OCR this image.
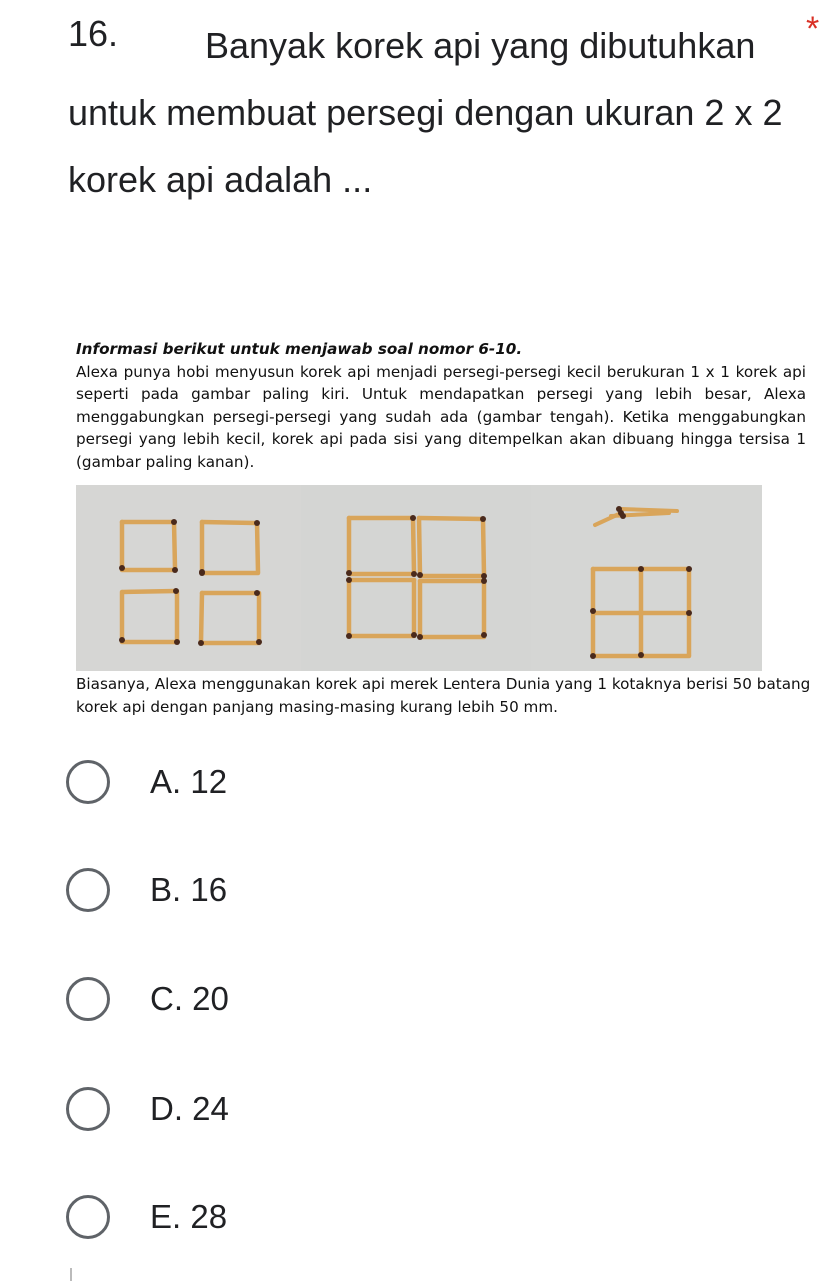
16.	Banyak korek api yang dibutuhkan untuk membuat persegi dengan ukuran 2 x 2 korek api adalah ...

*
Informasi berikut untuk menjawab soal nomor 6-10.
Alexa punya hobi menyusun korek api menjadi persegi-persegi kecil berukuran 1 x 1 korek api seperti pada gambar paling kiri. Untuk mendapatkan persegi yang lebih besar, Alexa menggabungkan persegi-persegi yang sudah ada (gambar tengah). Ketika menggabungkan persegi yang lebih kecil, korek api pada sisi yang ditempelkan akan dibuang hingga tersisa 1 (gambar paling kanan).
Biasanya, Alexa menggunakan korek api merek Lentera Dunia yang 1 kotaknya berisi 50 batang korek api dengan panjang masing-masing kurang lebih 50 mm.
A. 12
B. 16
C. 20
D. 24
E. 28
